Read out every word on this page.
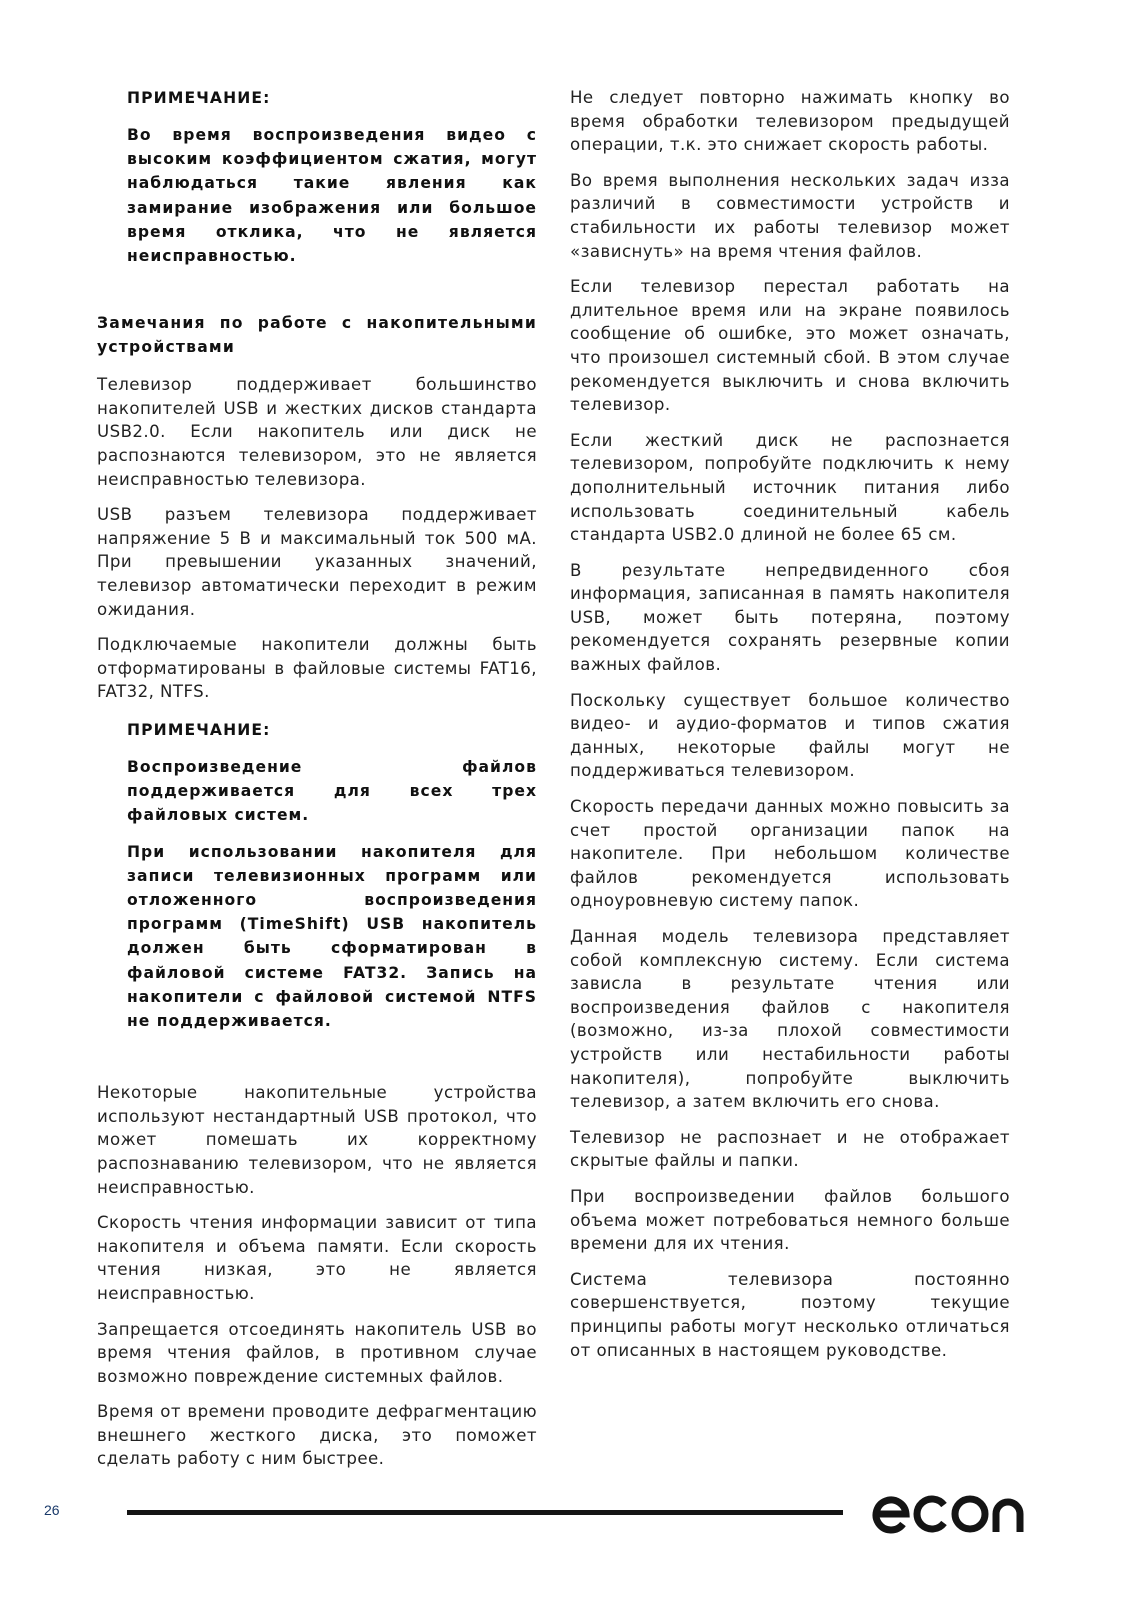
ПРИМЕЧАНИЕ:

Во время воспроизведения видео с высоким коэффициентом сжатия, могут наблюдаться такие явления как замирание изображения или большое время отклика, что не является неисправностью.

Замечания по работе с накопительными устройствами

Телевизор поддерживает большинство накопителей USB и жестких дисков стандарта USB2.0. Если накопитель или диск не распознаются телевизором, это не является неисправностью телевизора.

USB разъем телевизора поддерживает напряжение 5 В и максимальный ток 500 мА. При превышении указанных значений, телевизор автоматически переходит в режим ожидания.

Подключаемые накопители должны быть отформатированы в файловые системы FAT16, FAT32, NTFS.

ПРИМЕЧАНИЕ:

Воспроизведение файлов поддерживается для всех трех файловых систем.

При использовании накопителя для записи телевизионных программ или отложенного воспроизведения программ (TimeShift) USB накопитель должен быть сформатирован в файловой системе FAT32. Запись на накопители с файловой системой NTFS не поддерживается.

Некоторые накопительные устройства используют нестандартный USB протокол, что может помешать их корректному распознаванию телевизором, что не является неисправностью.

Скорость чтения информации зависит от типа накопителя и объема памяти. Если скорость чтения низкая, это не является неисправностью.

Запрещается отсоединять накопитель USB во время чтения файлов, в противном случае возможно повреждение системных файлов.

Время от времени проводите дефрагментацию внешнего жесткого диска, это поможет сделать работу с ним быстрее.

Не следует повторно нажимать кнопку во время обработки телевизором предыдущей операции, т.к. это снижает скорость работы.

Во время выполнения нескольких задач изза различий в совместимости устройств и стабильности их работы телевизор может «зависнуть» на время чтения файлов.

Если телевизор перестал работать на длительное время или на экране появилось сообщение об ошибке, это может означать, что произошел системный сбой. В этом случае рекомендуется выключить и снова включить телевизор.

Если жесткий диск не распознается телевизором, попробуйте подключить к нему дополнительный источник питания либо использовать соединительный кабель стандарта USB2.0 длиной не более 65 см.

В результате непредвиденного сбоя информация, записанная в память накопителя USB, может быть потеряна, поэтому рекомендуется сохранять резервные копии важных файлов.

Поскольку существует большое количество видео- и аудио-форматов и типов сжатия данных, некоторые файлы могут не поддерживаться телевизором.

Скорость передачи данных можно повысить за счет простой организации папок на накопителе. При небольшом количестве файлов рекомендуется использовать одноуровневую систему папок.

Данная модель телевизора представляет собой комплексную систему. Если система зависла в результате чтения или воспроизведения файлов с накопителя (возможно, из-за плохой совместимости устройств или нестабильности работы накопителя), попробуйте выключить телевизор, а затем включить его снова.

Телевизор не распознает и не отображает скрытые файлы и папки.

При воспроизведении файлов большого объема может потребоваться немного больше времени для их чтения.

Система телевизора постоянно совершенствуется, поэтому текущие принципы работы могут несколько отличаться от описанных в настоящем руководстве.

26
